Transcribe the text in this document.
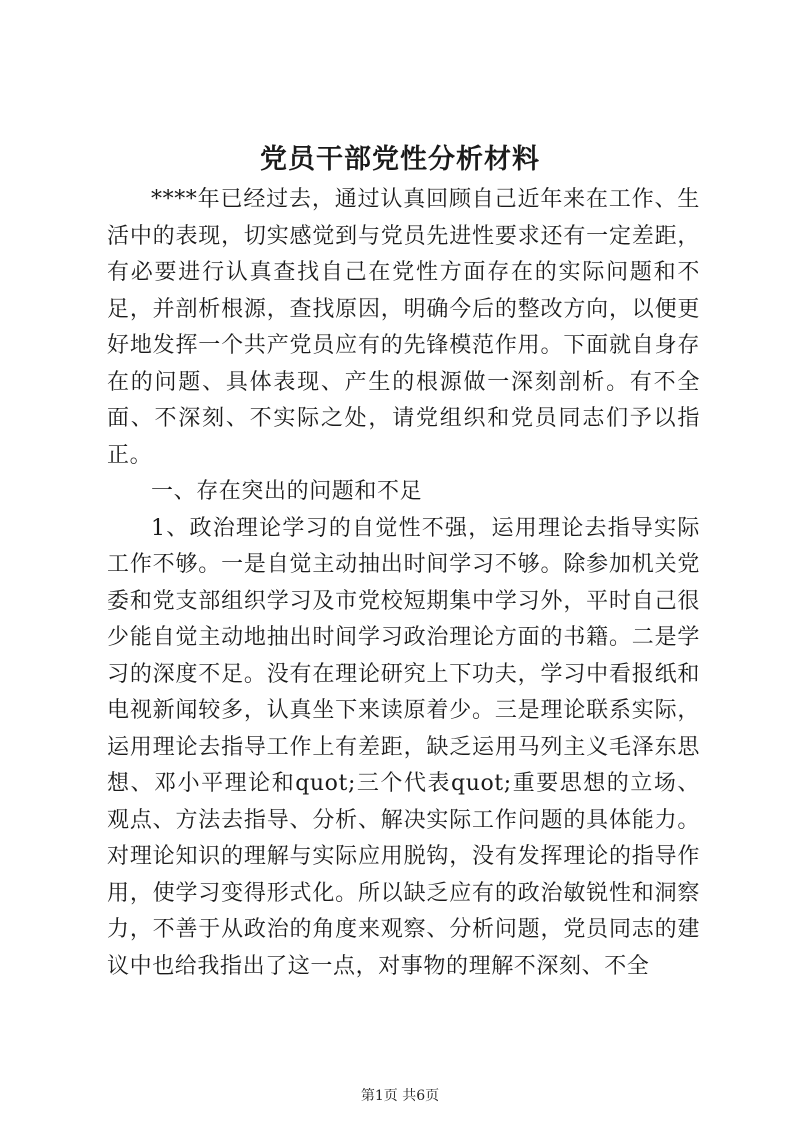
党员干部党性分析材料

****年已经过去，通过认真回顾自己近年来在工作、生活中的表现，切实感觉到与党员先进性要求还有一定差距，有必要进行认真查找自己在党性方面存在的实际问题和不足，并剖析根源，查找原因，明确今后的整改方向，以便更好地发挥一个共产党员应有的先锋模范作用。下面就自身存在的问题、具体表现、产生的根源做一深刻剖析。有不全面、不深刻、不实际之处，请党组织和党员同志们予以指正。

一、存在突出的问题和不足

1、政治理论学习的自觉性不强，运用理论去指导实际工作不够。一是自觉主动抽出时间学习不够。除参加机关党委和党支部组织学习及市党校短期集中学习外，平时自己很少能自觉主动地抽出时间学习政治理论方面的书籍。二是学习的深度不足。没有在理论研究上下功夫，学习中看报纸和电视新闻较多，认真坐下来读原着少。三是理论联系实际，运用理论去指导工作上有差距，缺乏运用马列主义毛泽东思想、邓小平理论和quot;三个代表quot;重要思想的立场、观点、方法去指导、分析、解决实际工作问题的具体能力。对理论知识的理解与实际应用脱钩，没有发挥理论的指导作用，使学习变得形式化。所以缺乏应有的政治敏锐性和洞察力，不善于从政治的角度来观察、分析问题，党员同志的建议中也给我指出了这一点，对事物的理解不深刻、不全

第1页 共6页
